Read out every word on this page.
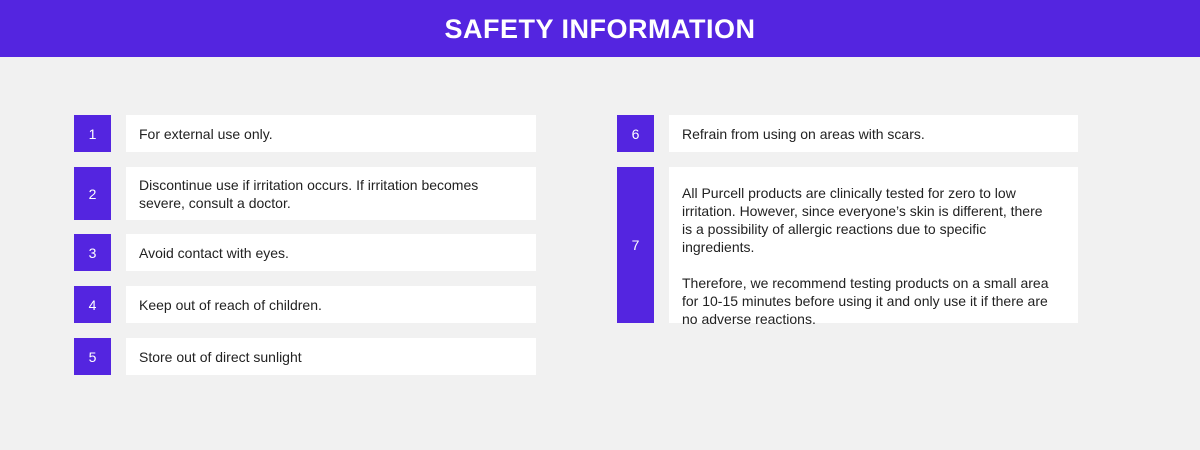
SAFETY INFORMATION
1	For external use only.
2
Discontinue use if irritation occurs. If irritation becomes severe, consult a doctor.
3	Avoid contact with eyes.
4	Keep out of reach of children.
5	Store out of direct sunlight
6	Refrain from using on areas with scars.
7

All Purcell products are clinically tested for zero to low irritation. However, since everyone’s skin is different, there is a possibility of allergic reactions due to specific ingredients.

Therefore, we recommend testing products on a small area for 10-15 minutes before using it and only use it if there are no adverse reactions.
